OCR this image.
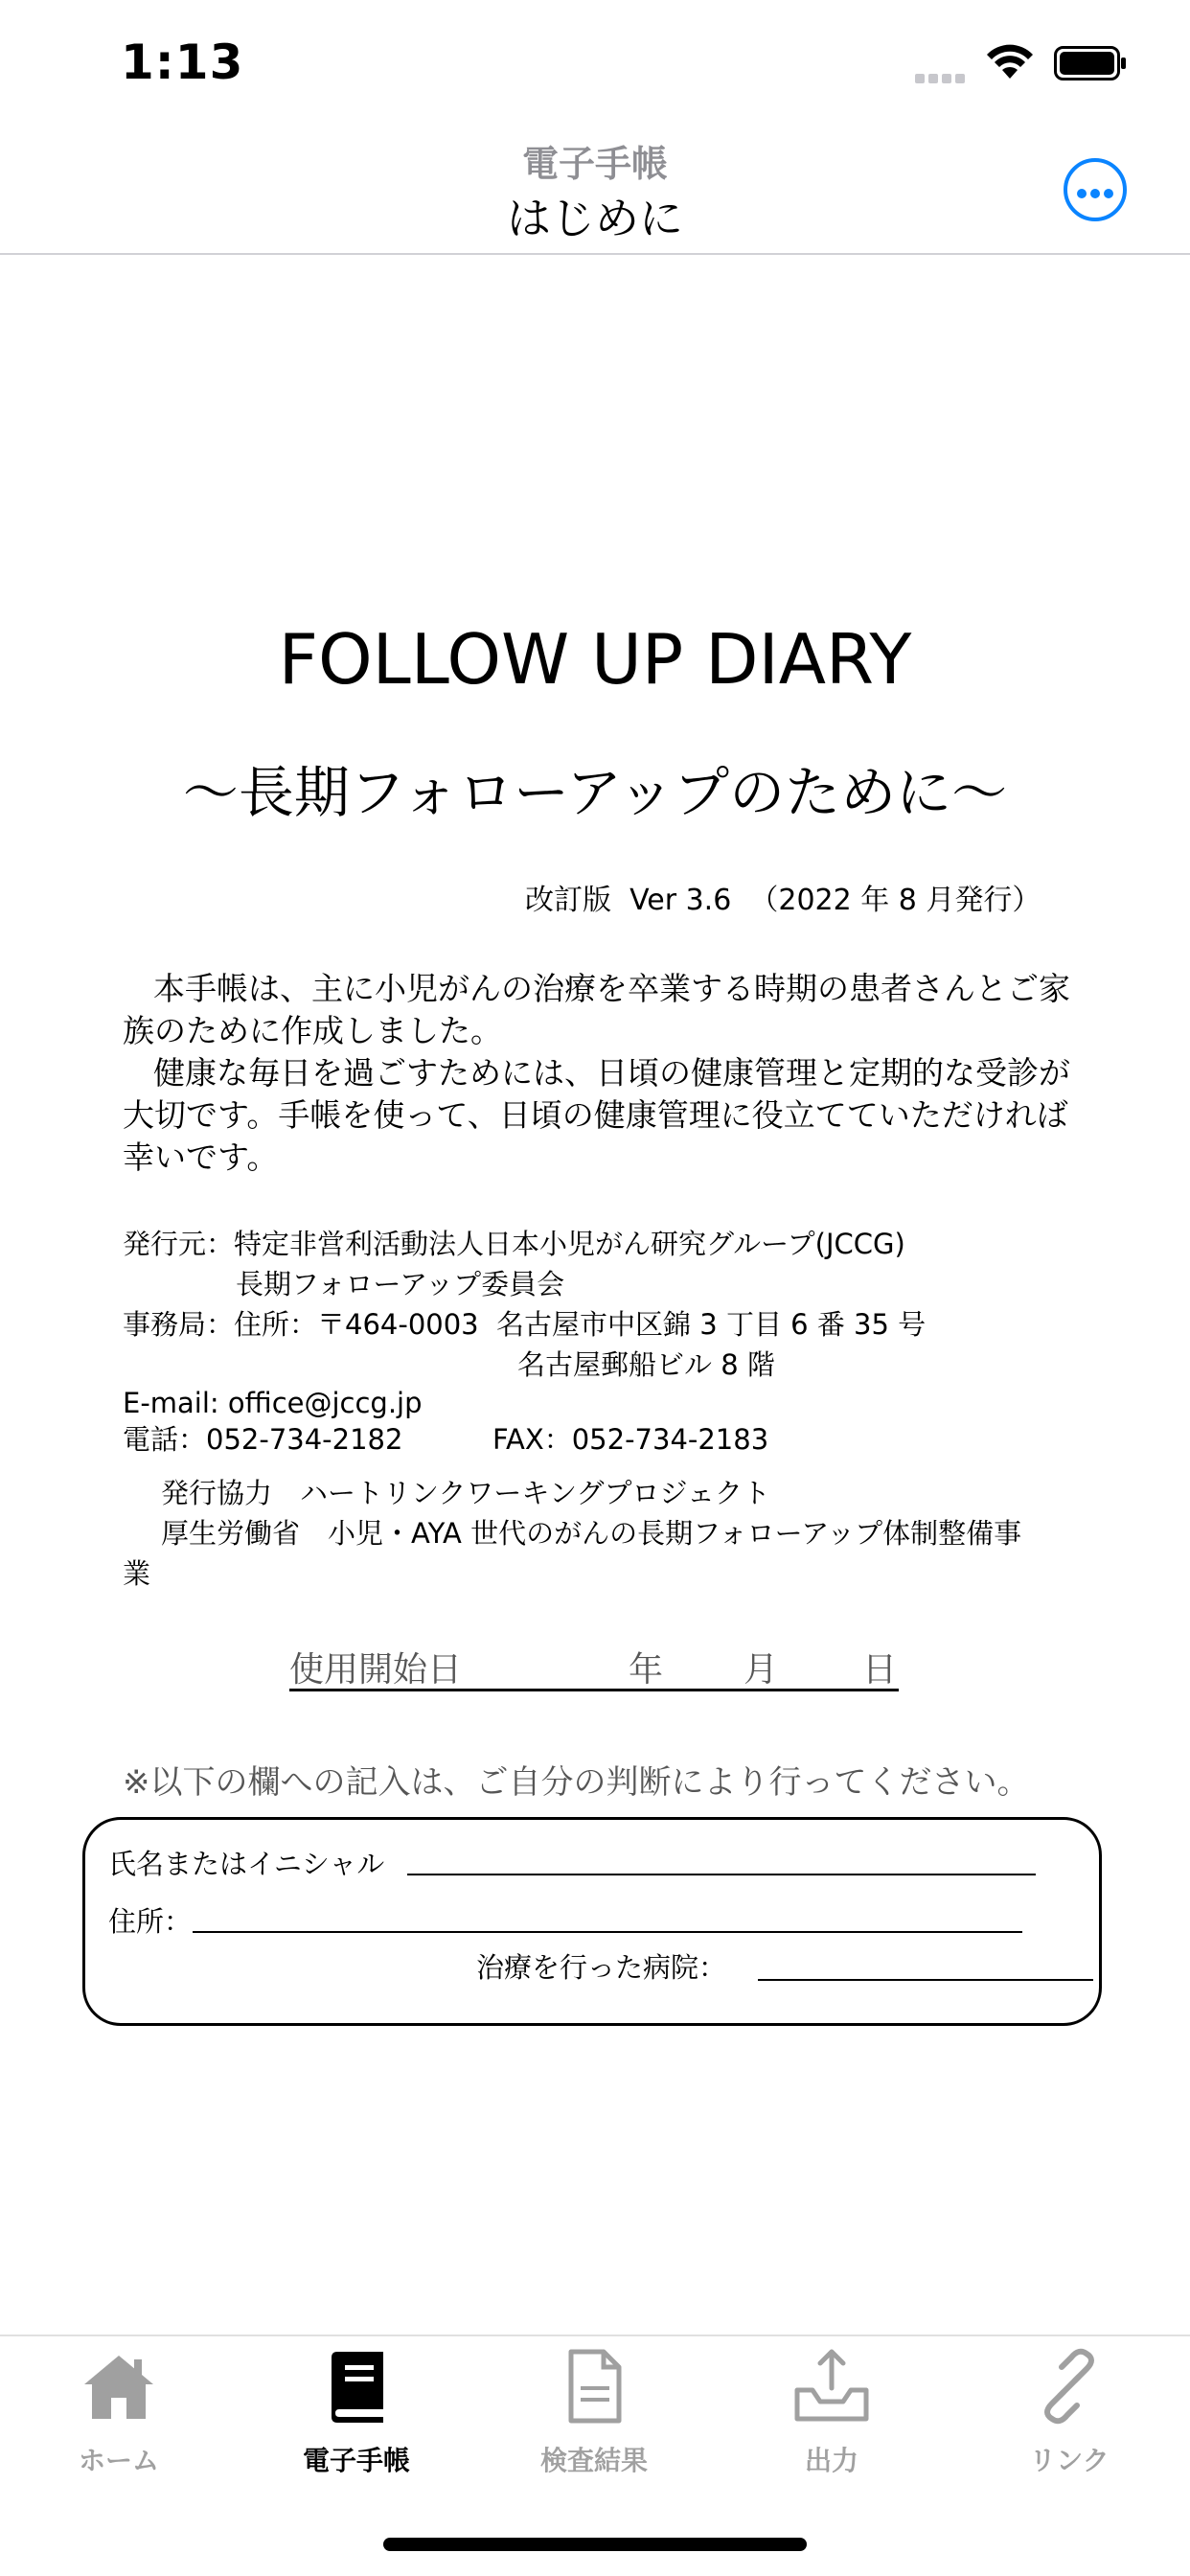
1:13
電子手帳
はじめに
FOLLOW UP DIARY
～長期フォローアップのために～
改訂版  Ver 3.6  （2022 年 8 月発行）

本手帳は、主に小児がんの治療を卒業する時期の患者さんとご家族のために作成しました。

健康な毎日を過ごすためには、日頃の健康管理と定期的な受診が大切です。手帳を使って、日頃の健康管理に役立てていただければ幸いです。

発行元：特定非営利活動法人日本小児がん研究グループ(JCCG)
長期フォローアップ委員会
事務局：住所：〒464-0003  名古屋市中区錦 3 丁目 6 番 35 号
名古屋郵船ビル 8 階
E-mail: office@jccg.jp
電話：052-734-2182	FAX：052-734-2183
発行協力　ハートリンクワーキングプロジェクト
厚生労働省　小児・AYA 世代のがんの長期フォローアップ体制整備事
業
使用開始日	年 月 日
※以下の欄への記入は、ご自分の判断により行ってください。
氏名またはイニシャル
住所：
治療を行った病院：
ホーム	電子手帳	検査結果	出力	リンク
